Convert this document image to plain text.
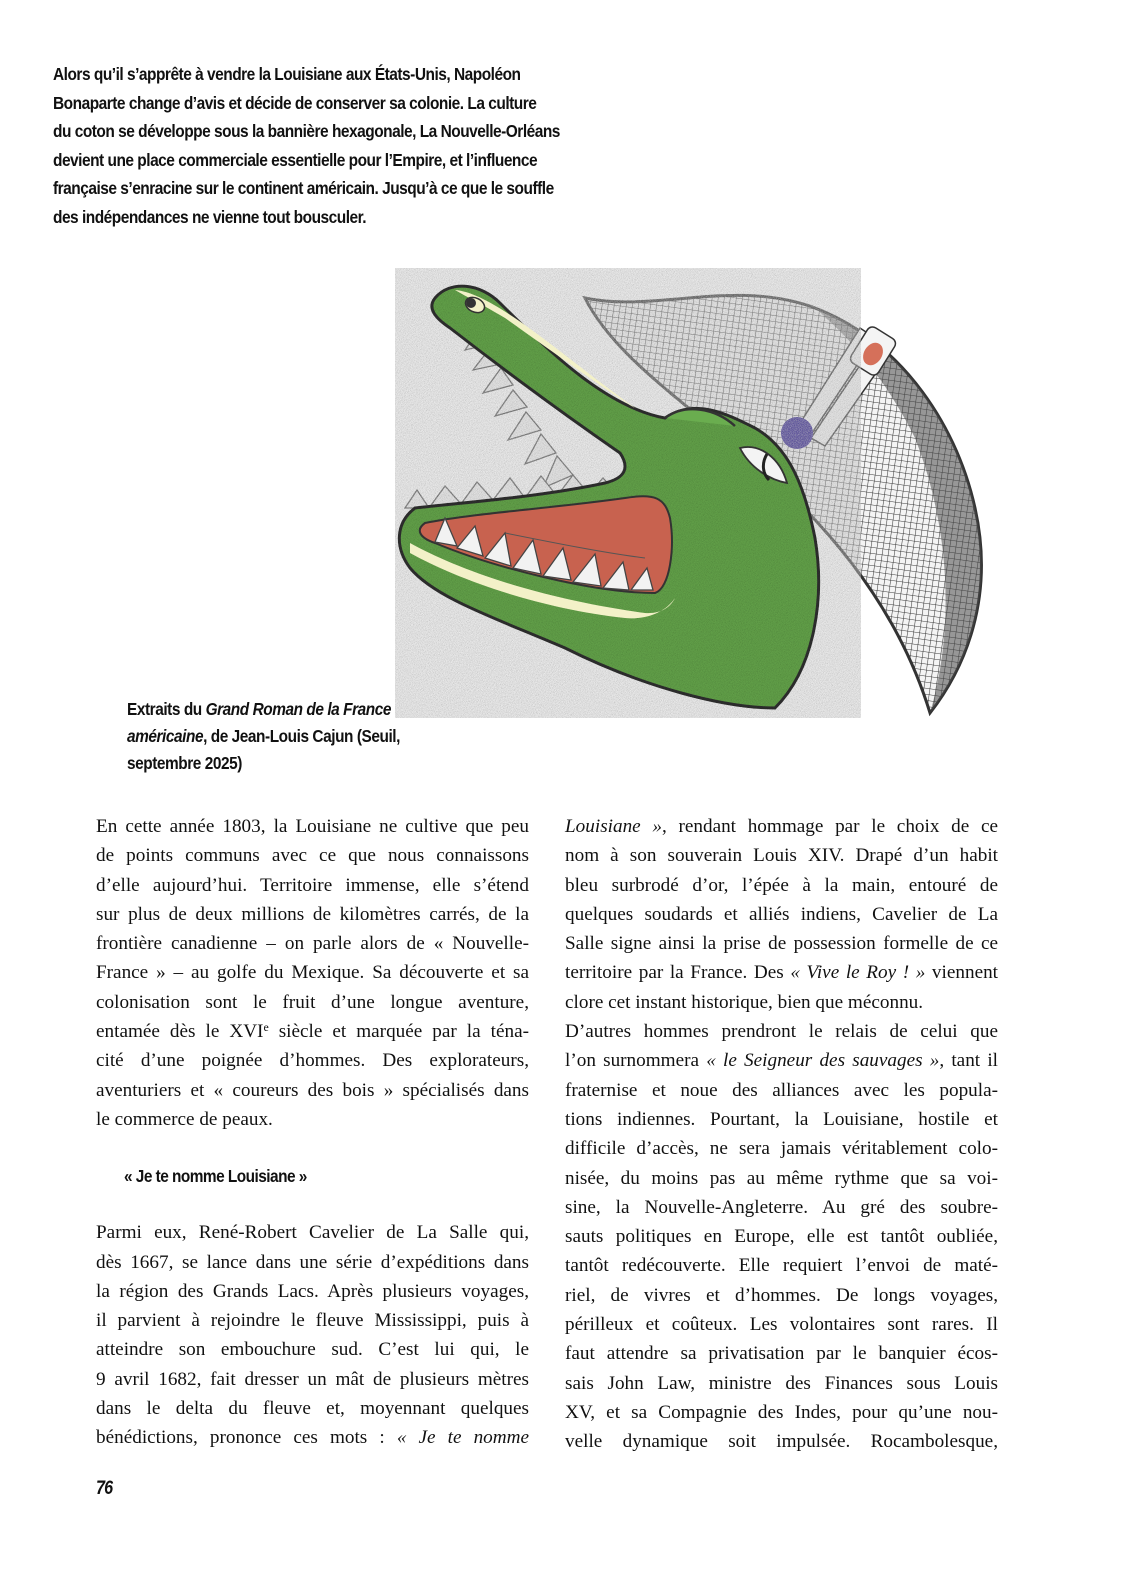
Alors qu’il s’apprête à vendre la Louisiane aux États-Unis, Napoléon
Bonaparte change d’avis et décide de conserver sa colonie. La culture
du coton se développe sous la bannière hexagonale, La Nouvelle-Orléans
devient une place commerciale essentielle pour l’Empire, et l’influence
française s’enracine sur le continent américain. Jusqu’à ce que le souffle
des indépendances ne vienne tout bousculer.
Extraits du Grand Roman de la France
américaine, de Jean-Louis Cajun (Seuil,
septembre 2025)
En cette année 1803, la Louisiane ne cultive que peu
de points communs avec ce que nous connaissons
d’elle aujourd’hui. Territoire immense, elle s’étend
sur plus de deux millions de kilomètres carrés, de la
frontière canadienne – on parle alors de « Nouvelle-
France » – au golfe du Mexique. Sa découverte et sa
colonisation sont le fruit d’une longue aventure,
entamée dès le XVIe siècle et marquée par la téna-
cité d’une poignée d’hommes. Des explorateurs,
aventuriers et « coureurs des bois » spécialisés dans
le commerce de peaux.
« Je te nomme Louisiane »
Parmi eux, René-Robert Cavelier de La Salle qui,
dès 1667, se lance dans une série d’expéditions dans
la région des Grands Lacs. Après plusieurs voyages,
il parvient à rejoindre le fleuve Mississippi, puis à
atteindre son embouchure sud. C’est lui qui, le
9 avril 1682, fait dresser un mât de plusieurs mètres
dans le delta du fleuve et, moyennant quelques
bénédictions, prononce ces mots : « Je te nomme
Louisiane », rendant hommage par le choix de ce
nom à son souverain Louis XIV. Drapé d’un habit
bleu surbrodé d’or, l’épée à la main, entouré de
quelques soudards et alliés indiens, Cavelier de La
Salle signe ainsi la prise de possession formelle de ce
territoire par la France. Des « Vive le Roy ! » viennent
clore cet instant historique, bien que méconnu.
D’autres hommes prendront le relais de celui que
l’on surnommera « le Seigneur des sauvages », tant il
fraternise et noue des alliances avec les popula-
tions indiennes. Pourtant, la Louisiane, hostile et
difficile d’accès, ne sera jamais véritablement colo-
nisée, du moins pas au même rythme que sa voi-
sine, la Nouvelle-Angleterre. Au gré des soubre-
sauts politiques en Europe, elle est tantôt oubliée,
tantôt redécouverte. Elle requiert l’envoi de maté-
riel, de vivres et d’hommes. De longs voyages,
périlleux et coûteux. Les volontaires sont rares. Il
faut attendre sa privatisation par le banquier écos-
sais John Law, ministre des Finances sous Louis
XV, et sa Compagnie des Indes, pour qu’une nou-
velle dynamique soit impulsée. Rocambolesque,
76
